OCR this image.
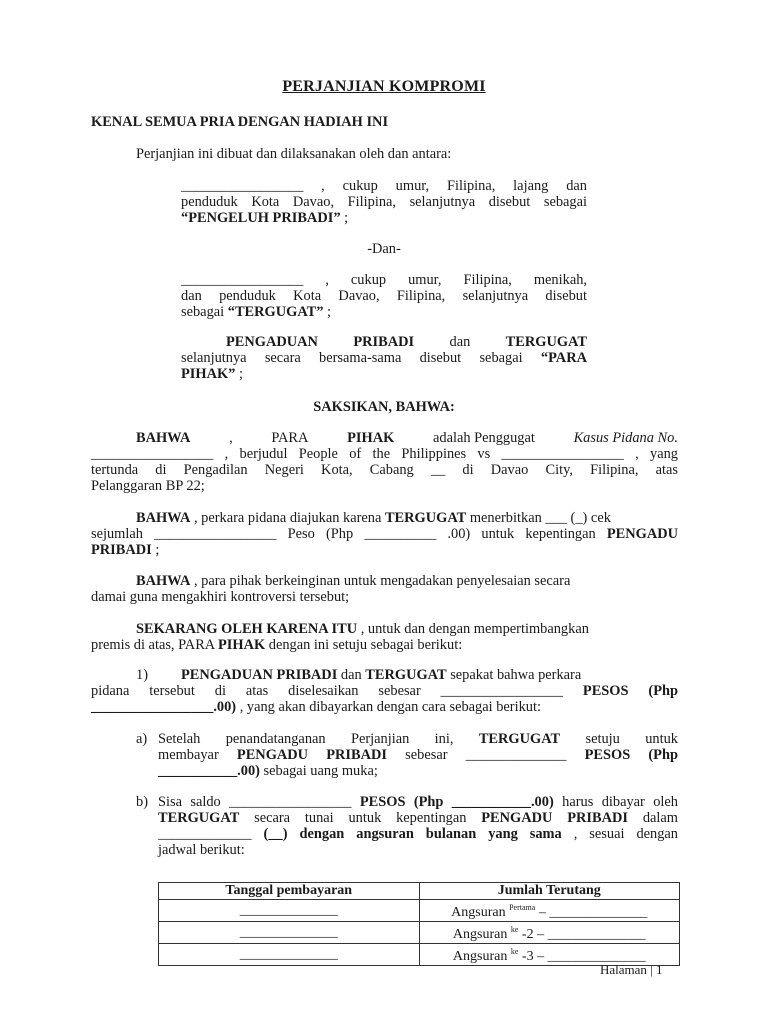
PERJANJIAN KOMPROMI
KENAL SEMUA PRIA DENGAN HADIAH INI
Perjanjian ini dibuat dan dilaksanakan oleh dan antara:
_________________ , cukup umur, Filipina, lajang dan
penduduk Kota Davao, Filipina, selanjutnya disebut sebagai
“PENGELUH PRIBADI” ;
-Dan-
_________________ , cukup umur, Filipina, menikah,
dan penduduk Kota Davao, Filipina, selanjutnya disebut
sebagai “TERGUGAT” ;
PENGADUAN PRIBADI dan TERGUGAT
selanjutnya secara bersama-sama disebut sebagai “PARA
PIHAK” ;
SAKSIKAN, BAHWA:
BAHWA	,	PARA	PIHAK	adalah Penggugat	Kasus Pidana No.
_________________ , berjudul People of the Philippines vs _________________ , yang
tertunda di Pengadilan Negeri Kota, Cabang __ di Davao City, Filipina, atas
Pelanggaran BP 22;
BAHWA , perkara pidana diajukan karena TERGUGAT menerbitkan ___ (_) cek
sejumlah _________________ Peso (Php __________ .00) untuk kepentingan PENGADU
PRIBADI ;
BAHWA , para pihak berkeinginan untuk mengadakan penyelesaian secara
damai guna mengakhiri kontroversi tersebut;
SEKARANG OLEH KARENA ITU , untuk dan dengan mempertimbangkan
premis di atas, PARA PIHAK dengan ini setuju sebagai berikut:
1) PENGADUAN PRIBADI dan TERGUGAT sepakat bahwa perkara
pidana tersebut di atas diselesaikan sebesar _________________ PESOS (Php
_________________.00) , yang akan dibayarkan dengan cara sebagai berikut:
a) Setelah penandatanganan Perjanjian ini, TERGUGAT setuju untuk
membayar PENGADU PRIBADI sebesar ______________ PESOS (Php
___________.00) sebagai uang muka;
b) Sisa saldo _________________ PESOS (Php ___________.00) harus dibayar oleh
TERGUGAT secara tunai untuk kepentingan PENGADU PRIBADI dalam
_____________ (__) dengan angsuran bulanan yang sama , sesuai dengan
jadwal berikut:
Tanggal pembayaran	Jumlah Terutang
______________	Angsuran $^{Pertama}$ – ______________
______________	Angsuran $^{ke}$ -2 – ______________
______________	Angsuran $^{ke}$ -3 – ______________
Halaman | 1
